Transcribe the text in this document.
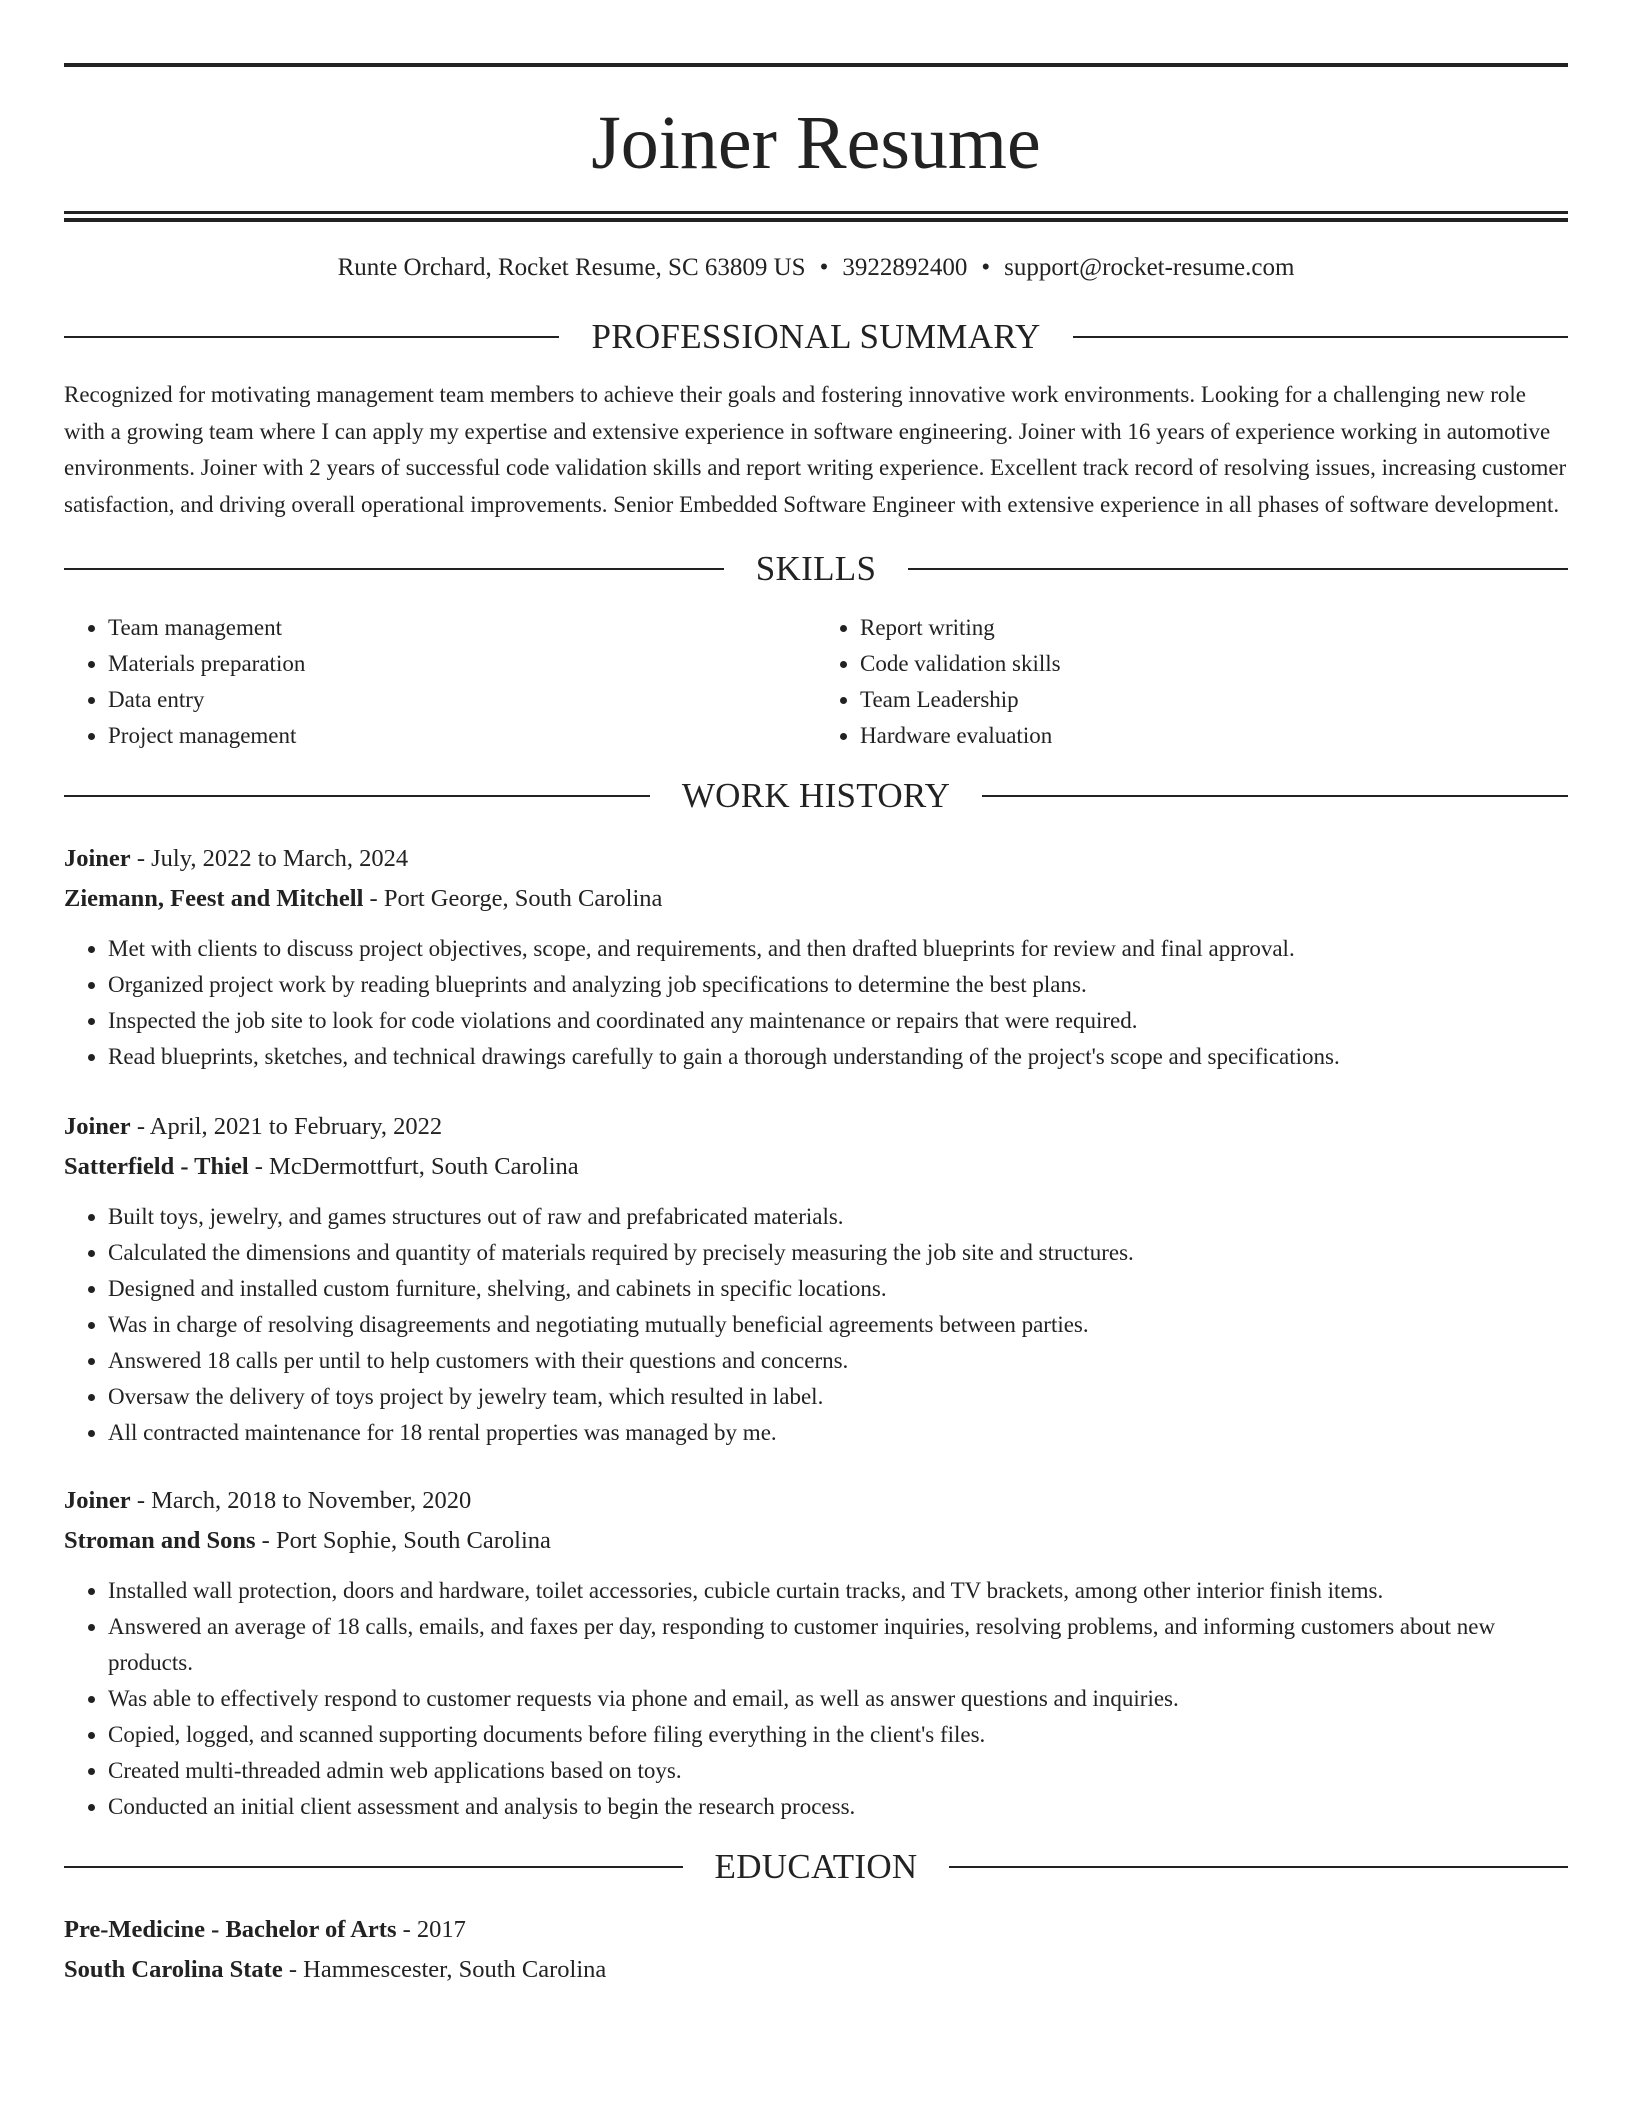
Joiner Resume
Runte Orchard, Rocket Resume, SC 63809 US • 3922892400 • support@rocket-resume.com
PROFESSIONAL SUMMARY
Recognized for motivating management team members to achieve their goals and fostering innovative work environments. Looking for a challenging new role with a growing team where I can apply my expertise and extensive experience in software engineering. Joiner with 16 years of experience working in automotive environments. Joiner with 2 years of successful code validation skills and report writing experience. Excellent track record of resolving issues, increasing customer satisfaction, and driving overall operational improvements. Senior Embedded Software Engineer with extensive experience in all phases of software development.
SKILLS
• Team management
• Materials preparation
• Data entry
• Project management
• Report writing
• Code validation skills
• Team Leadership
• Hardware evaluation
WORK HISTORY
Joiner - July, 2022 to March, 2024
Ziemann, Feest and Mitchell - Port George, South Carolina
• Met with clients to discuss project objectives, scope, and requirements, and then drafted blueprints for review and final approval.
• Organized project work by reading blueprints and analyzing job specifications to determine the best plans.
• Inspected the job site to look for code violations and coordinated any maintenance or repairs that were required.
• Read blueprints, sketches, and technical drawings carefully to gain a thorough understanding of the project's scope and specifications.
Joiner - April, 2021 to February, 2022
Satterfield - Thiel - McDermottfurt, South Carolina
• Built toys, jewelry, and games structures out of raw and prefabricated materials.
• Calculated the dimensions and quantity of materials required by precisely measuring the job site and structures.
• Designed and installed custom furniture, shelving, and cabinets in specific locations.
• Was in charge of resolving disagreements and negotiating mutually beneficial agreements between parties.
• Answered 18 calls per until to help customers with their questions and concerns.
• Oversaw the delivery of toys project by jewelry team, which resulted in label.
• All contracted maintenance for 18 rental properties was managed by me.
Joiner - March, 2018 to November, 2020
Stroman and Sons - Port Sophie, South Carolina
• Installed wall protection, doors and hardware, toilet accessories, cubicle curtain tracks, and TV brackets, among other interior finish items.
• Answered an average of 18 calls, emails, and faxes per day, responding to customer inquiries, resolving problems, and informing customers about new products.
• Was able to effectively respond to customer requests via phone and email, as well as answer questions and inquiries.
• Copied, logged, and scanned supporting documents before filing everything in the client's files.
• Created multi-threaded admin web applications based on toys.
• Conducted an initial client assessment and analysis to begin the research process.
EDUCATION
Pre-Medicine - Bachelor of Arts - 2017
South Carolina State - Hammescester, South Carolina
